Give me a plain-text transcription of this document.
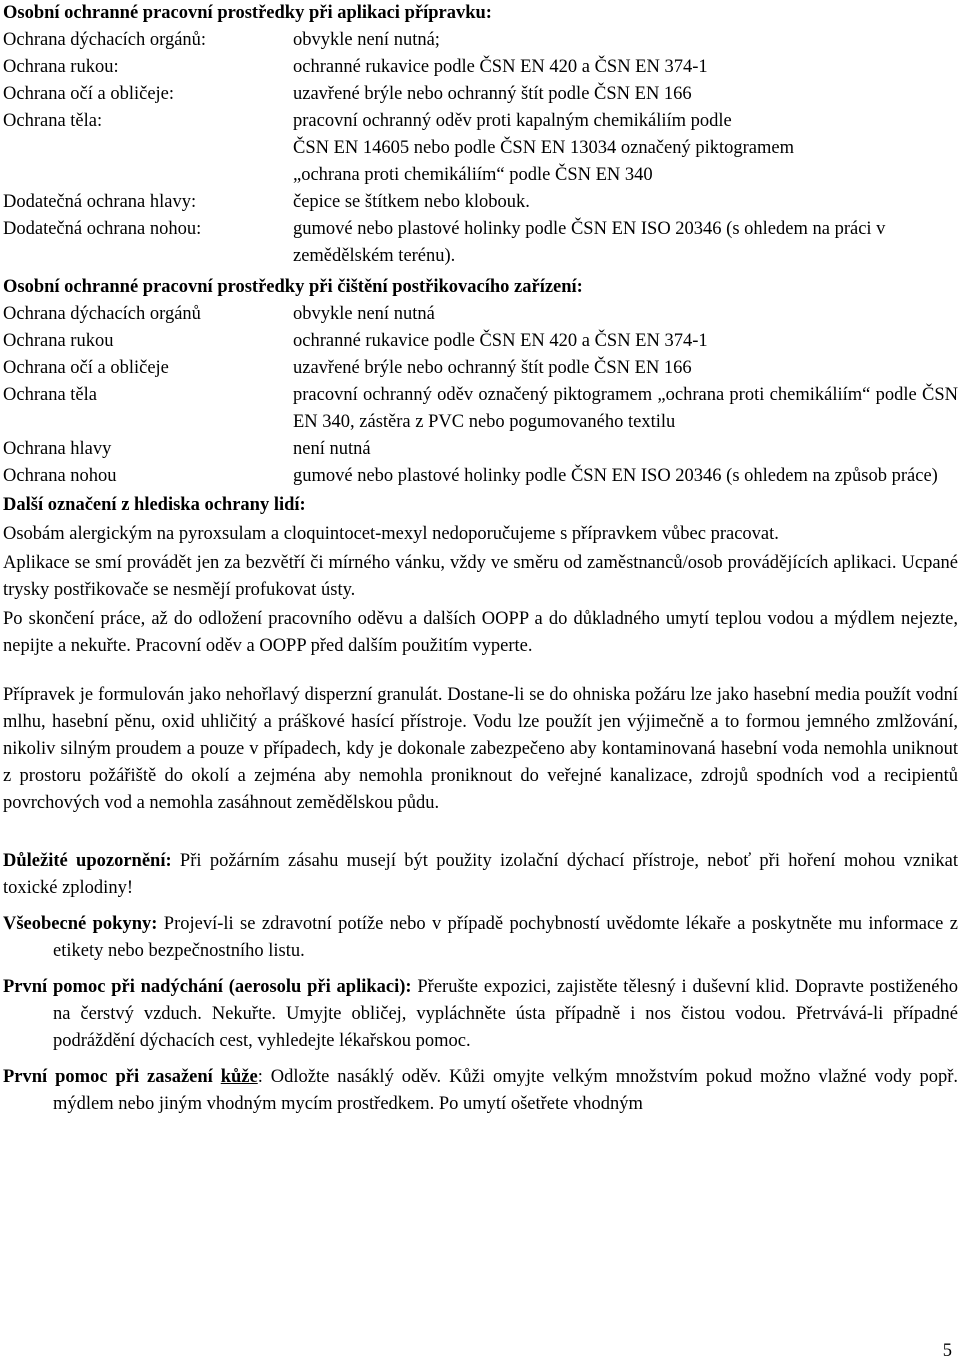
Osobní ochranné pracovní prostředky při aplikaci přípravku:

Ochrana dýchacích orgánů:	obvykle není nutná;
Ochrana rukou:	ochranné rukavice podle ČSN EN 420 a ČSN EN 374-1
Ochrana očí a obličeje:	uzavřené brýle nebo ochranný štít podle ČSN EN 166
Ochrana těla:	pracovní ochranný oděv proti kapalným chemikáliím podle
ČSN EN 14605 nebo podle ČSN EN 13034 označený piktogramem
„ochrana proti chemikáliím“ podle ČSN EN 340
Dodatečná ochrana hlavy:	čepice se štítkem nebo klobouk.
Dodatečná ochrana nohou:	gumové nebo plastové holinky podle ČSN EN ISO 20346 (s ohledem na práci v zemědělském terénu).

Osobní ochranné pracovní prostředky při čištění postřikovacího zařízení:

Ochrana dýchacích orgánů	obvykle není nutná
Ochrana rukou	ochranné rukavice podle ČSN EN 420 a ČSN EN 374-1
Ochrana očí a obličeje	uzavřené brýle nebo ochranný štít podle ČSN EN 166
Ochrana těla	pracovní ochranný oděv označený piktogramem „ochrana proti chemikáliím“ podle ČSN EN 340, zástěra z PVC nebo pogumovaného textilu
Ochrana hlavy	není nutná
Ochrana nohou	gumové nebo plastové holinky podle ČSN EN ISO 20346 (s ohledem na způsob práce)

Další označení z hlediska ochrany lidí:

Osobám alergickým na pyroxsulam a cloquintocet-mexyl nedoporučujeme s přípravkem vůbec pracovat.

Aplikace se smí provádět jen za bezvětří či mírného vánku, vždy ve směru od zaměstnanců/osob provádějících aplikaci. Ucpané trysky postřikovače se nesmějí profukovat ústy.

Po skončení práce, až do odložení pracovního oděvu a dalších OOPP a do důkladného umytí teplou vodou a mýdlem nejezte, nepijte a nekuřte. Pracovní oděv a OOPP před dalším použitím vyperte.

Přípravek je formulován jako nehořlavý disperzní granulát. Dostane-li se do ohniska požáru lze jako hasební media použít vodní mlhu, hasební pěnu, oxid uhličitý a práškové hasící přístroje. Vodu lze použít jen výjimečně a to formou jemného zmlžování, nikoliv silným proudem a pouze v případech, kdy je dokonale zabezpečeno aby kontaminovaná hasební voda nemohla uniknout z prostoru požářiště do okolí a zejména aby nemohla proniknout do veřejné kanalizace, zdrojů spodních vod a recipientů povrchových vod a nemohla zasáhnout zemědělskou půdu.

Důležité upozornění: Při požárním zásahu musejí být použity izolační dýchací přístroje, neboť při hoření mohou vznikat toxické zplodiny!

Všeobecné pokyny: Projeví-li se zdravotní potíže nebo v případě pochybností uvědomte lékaře a poskytněte mu informace z etikety nebo bezpečnostního listu.

První pomoc při nadýchání (aerosolu při aplikaci): Přerušte expozici, zajistěte tělesný i duševní klid. Dopravte postiženého na čerstvý vzduch. Nekuřte. Umyjte obličej, vypláchněte ústa případně i nos čistou vodou. Přetrvává-li případné podráždění dýchacích cest, vyhledejte lékařskou pomoc.

První pomoc při zasažení kůže: Odložte nasáklý oděv. Kůži omyjte velkým množstvím pokud možno vlažné vody popř. mýdlem nebo jiným vhodným mycím prostředkem. Po umytí ošetřete vhodným

5
